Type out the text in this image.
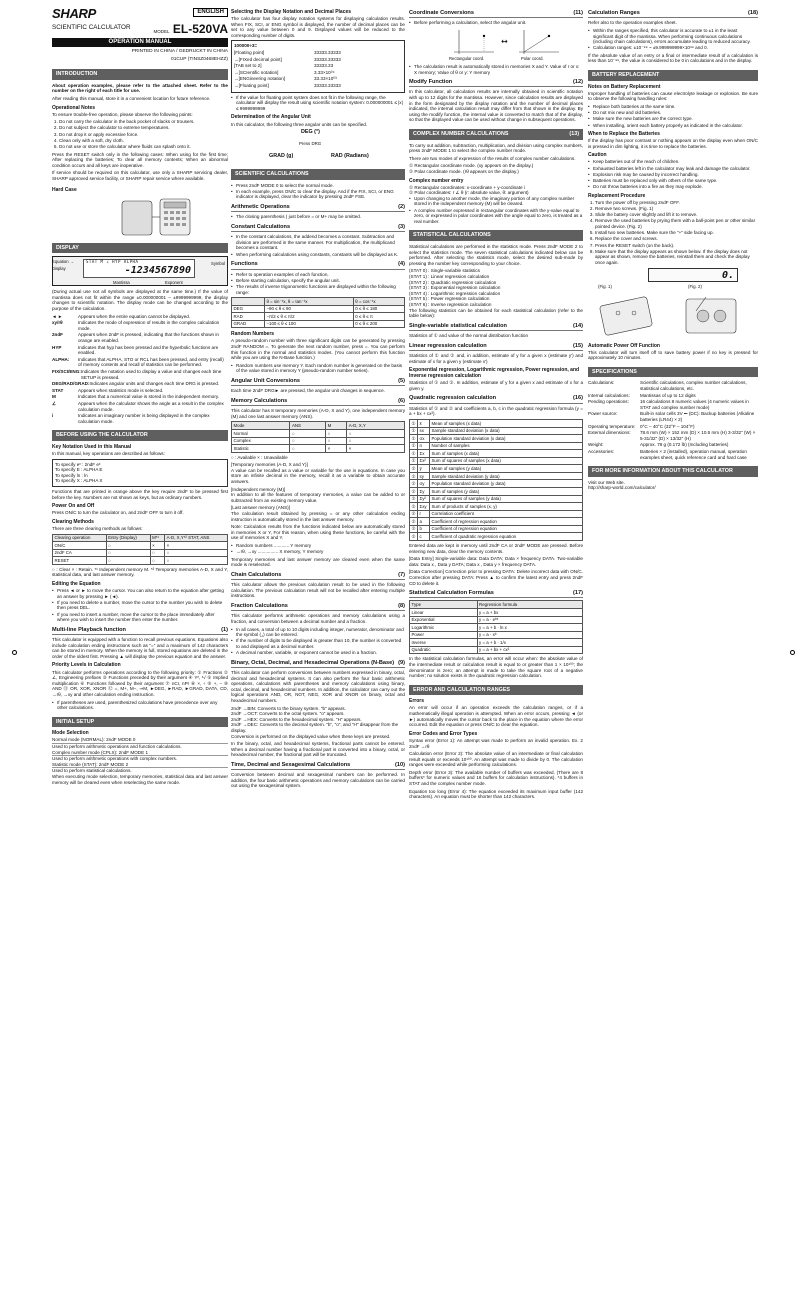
ENGLISH
SHARP
SCIENTIFIC CALCULATOR
MODEL EL-520VA
OPERATION MANUAL
PRINTED IN CHINA / GEDRUCKT IN CHINA
01CUP (TINSZ0468EHZZ)
INTRODUCTION

About operation examples, please refer to the attached sheet. Refer to the number on the right of each title for use.

After reading this manual, store it in a convenient location for future reference.

Operational Notes

To ensure trouble-free operation, please observe the following points:

1. Do not carry the calculator in the back pocket of slacks or trousers.
2. Do not subject the calculator to extreme temperatures.
3. Do not drop it or apply excessive force.
4. Clean only with a soft, dry cloth.
5. Do not use or store the calculator where fluids can splash onto it.

Press the RESET switch only in the following cases: When using for the first time; After replacing the batteries; To clear all memory contents; When an abnormal condition occurs and all keys are inoperative.

If service should be required on this calculator, use only a SHARP servicing dealer, SHARP approved service facility, or SHARP repair service where available.

Hard Case
DISPLAY
Equation →
Display
Symbol
STAT M ∠ HYP ALPHA
-1234567890
Mantissa	Exponent

(During actual use not all symbols are displayed at the same time.) If the value of mantissa does not fit within the range ±0.000000001 – ±9999999999, the display changes to scientific notation. The display mode can be changed according to the purpose of the calculation.

◄ ►	Appears when the entire equation cannot be displayed.
xy/rθ	Indicates the mode of expression of results in the complex calculation mode.
2ndF	Appears when 2ndF is pressed, indicating that the functions shown in orange are enabled.
HYP	Indicates that hyp has been pressed and the hyperbolic functions are enabled.
ALPHA:	Indicates that ALPHA, STO or RCL has been pressed, and entry (recall) of memory contents and recall of statistics can be performed.
FIX/SCI/ENG: Indicates the notation used to display a value and changes each time SETUP is pressed.
DEG/RAD/GRAD: Indicates angular units and changes each time DRG is pressed.
STAT	Appears when statistics mode is selected.
M	Indicates that a numerical value is stored in the independent memory.
∠	Appears when the calculator shows the angle as a result in the complex calculation mode.
i	Indicates an imaginary number is being displayed in the complex calculation mode.
BEFORE USING THE CALCULATOR
Key Notation Used in this Manual

In this manual, key operations are described as follows:

To specify eˣ : 2ndF eˣ
To specify E : ALPHA E
To specify ln : ln
To specify X : ALPHA X

Functions that are printed in orange above the key require 2ndF to be pressed first before the key. Numbers are not shown as keys, but as ordinary numbers.

Power On and Off

Press ON/C to turn the calculator on, and 2ndF OFF to turn it off.

Clearing Methods

There are three clearing methods as follows:

Clearing operation	Entry (Display)	M*¹	A-D, X,Y*² STAT, ANS
ON/C	○	×	×
2ndF CA	○	○	○
RESET	○	○	○

○ : Clear × : Retain. *¹ Independent memory M. *² Temporary memories A-D, X and Y, statistical data, and last answer memory.

Editing the Equation
• Press ◄ or ► to move the cursor. You can also return to the equation after getting an answer by pressing ► (◄).
• If you need to delete a number, move the cursor to the number you wish to delete then press DEL.
• If you need to insert a number, move the cursor to the place immediately after where you wish to insert the number then enter the number.
Multi-line Playback function	(1)

This calculator is equipped with a function to recall previous equations. Equations also include calculation ending instructions such as "=" and a maximum of 142 characters can be stored in memory. When the memory is full, stored equations are deleted in the order of the oldest first. Pressing ▲ will display the previous equation and the answer.

Priority Levels in Calculation

This calculator performs operations according to the following priority: ① Fractions ② ∠, Engineering prefixes ③ Functions preceded by their argument ④ Yˣ, ˣ√ ⑤ Implied multiplication ⑥ Functions followed by their argument ⑦ nCr, nPr ⑧ ×, ÷ ⑨ +, − ⑩ AND ⑪ OR, XOR, XNOR ⑫ =, M+, M−, ⇒M, ►DEG, ►RAD, ►GRAD, DATA, CD, →rθ, →xy and other calculation ending instruction.

• If parentheses are used, parenthesized calculations have precedence over any other calculations.
INITIAL SETUP
Mode Selection
Normal mode (NORMAL): 2ndF MODE 0
Used to perform arithmetic operations and function calculations.
Complex number mode (CPLX): 2ndF MODE 1
Used to perform arithmetic operations with complex numbers.
Statistic mode (STAT): 2ndF MODE 2
Used to perform statistical calculations.

When executing mode selection, temporary memories, statistical data and last answer memory will be cleared even when reselecting the same mode.

Selecting the Display Notation and Decimal Places

The calculator has four display notation systems for displaying calculation results. When FIX, SCI, or ENG symbol is displayed, the number of decimal places can be set to any value between 0 and 9. Displayed values will be reduced to the corresponding number of digits.

100000÷3=
[Floating point]	33333.33333
→[FIXed decimal point]	33333.33333
[TAB set to 2]	33333.33
→[SCIentific notation]	3.33×10⁰⁴
→[ENGineering notation]	33.33×10⁰³
→[Floating point]	33333.33333
• If the value for floating point system does not fit in the following range, the calculator will display the result using scientific notation system: 0.000000001 ≤ |x| ≤ 9999999999
Determination of the Angular Unit

In this calculator, the following three angular units can be specified.

DEG (°)
Press DRG
GRAD (g)	RAD (Radians)
SCIENTIFIC CALCULATIONS
• Press 2ndF MODE 0 to select the normal mode.
• In each example, press ON/C to clear the display. And if the FIX, SCI, or ENG indicator is displayed, clear the indicator by pressing 2ndF FSE.
Arithmetic Operations	(2)
• The closing parenthesis ) just before = or M+ may be omitted.
Constant Calculations	(3)
• In the constant calculations, the addend becomes a constant. Subtraction and division are performed in the same manner. For multiplication, the multiplicand becomes a constant.
• When performing calculations using constants, constants will be displayed as K.
Functions	(4)
• Refer to operation examples of each function.
• Before starting calculation, specify the angular unit.
• The results of inverse trigonometric functions are displayed within the following range:
	θ = sin⁻¹x, θ = tan⁻¹x	θ = cos⁻¹x
DEG	−90 ≤ θ ≤ 90	0 ≤ θ ≤ 180
RAD	−π/2 ≤ θ ≤ π/2	0 ≤ θ ≤ π
GRAD	−100 ≤ θ ≤ 100	0 ≤ θ ≤ 200
Random Numbers

A pseudo-random number with three significant digits can be generated by pressing 2ndF RANDOM =. To generate the next random number, press =. You can perform this function in the normal and statistics modes. (You cannot perform this function while you are using the N-Base function.)

• Random numbers use memory Y. Each random number is generated on the basis of the value stored in memory Y (pseudo-random number series).
Angular Unit Conversions	(5)

Each time 2ndF DRG► are pressed, the angular unit changes in sequence.

Memory Calculations	(6)

This calculator has 8 temporary memories (A-D, X and Y), one independent memory (M) and one last answer memory (ANS).

Mode	ANS	M	A-D, X,Y
Normal	○	○	○
Complex	○	○	○
Statistic	○	×	×

○ : Available × : Unavailable

[Temporary memories (A-D, X and Y)]

A value can be recalled as a value or variable for the use in equations. In case you store an infinite decimal in the memory, recall it as a variable to obtain accurate answers.

[Independent memory (M)]

In addition to all the features of temporary memories, a value can be added to or subtracted from an existing memory value.

[Last answer memory (ANS)]

The calculation result obtained by pressing = or any other calculation ending instruction is automatically stored in the last answer memory.

Note: Calculation results from the functions indicated below are automatically stored in memories X or Y, For this reason, when using these functions, be careful with the use of memories X and Y.

• Random numbers ............ Y memory
• →rθ, →xy ................ X memory, Y memory

Temporary memories and last answer memory are cleared even when the same mode is reselected.

Chain Calculations	(7)

This calculator allows the previous calculation result to be used in the following calculation. The previous calculation result will not be recalled after entering multiple instructions.

Fraction Calculations	(8)

This calculator performs arithmetic operations and memory calculations using a fraction, and conversion between a decimal number and a fraction.

• In all cases, a total of up to 10 digits including integer, numerator, denominator and the symbol (⌟) can be entered.
• If the number of digits to be displayed is greater than 10, the number is converted to and displayed as a decimal number.
• A decimal number, variable, or exponent cannot be used in a fraction.
Binary, Octal, Decimal, and Hexadecimal Operations (N-Base) (9)

This calculator can perform conversions between numbers expressed in binary, octal, decimal and hexadecimal systems. It can also perform the four basic arithmetic operations, calculations with parentheses and memory calculations using binary, octal, decimal, and hexadecimal numbers. In addition, the calculator can carry out the logical operations AND, OR, NOT, NEG, XOR and XNOR on binary, octal and hexadecimal numbers.

2ndF →BIN: Converts to the binary system. "b" appears.
2ndF →OCT: Converts to the octal system. "o" appears.
2ndF →HEX: Converts to the hexadecimal system. "H" appears.
2ndF →DEC: Converts to the decimal system. "b", "o", and "H" disappear from the display.

Conversion is performed on the displayed value when these keys are pressed.

In the binary, octal, and hexadecimal systems, fractional parts cannot be entered. When a decimal number having a fractional part is converted into a binary, octal, or hexadecimal number, the fractional part will be truncated.

Time, Decimal and Sexagesimal Calculations	(10)

Conversion between decimal and sexagesimal numbers can be performed. In addition, the four basic arithmetic operations and memory calculations can be carried out using the sexagesimal system.

Coordinate Conversions	(11)
• Before performing a calculation, select the angular unit.
↔
Rectangular coord.	Polar coord.
• The calculation result is automatically stored in memories X and Y. Value of r or x: X memory; Value of θ or y: Y memory
Modify Function	(12)

In this calculator, all calculation results are internally obtained in scientific notation with up to 12 digits for the mantissa. However, since calculation results are displayed in the form designated by the display notation and the number of decimal places indicated, the internal calculation result may differ from that shown in the display. By using the modify function, the internal value is converted to match that of the display, so that the displayed value can be used without change in subsequent operations.

COMPLEX NUMBER CALCULATIONS	(13)

To carry out addition, subtraction, multiplication, and division using complex numbers, press 2ndF MODE 1 to select the complex number mode.

There are two modes of expression of the results of complex number calculations.

① Rectangular coordinate mode. (xy appears on the display.)
② Polar coordinate mode. (rθ appears on the display.)
Complex number entry
① Rectangular coordinates: x-coordinate + y-coordinate i
② Polar coordinates: r ∠ θ (r: absolute value, θ: argument)
• Upon changing to another mode, the imaginary portion of any complex number stored in the independent memory (M) will be cleared.
• A complex number expressed in rectangular coordinates with the y-value equal to zero, or expressed in polar coordinates with the angle equal to zero, is treated as a real number.
STATISTICAL CALCULATIONS

Statistical calculations are performed in the statistics mode. Press 2ndF MODE 2 to select the statistics mode. The seven statistical calculations indicated below can be performed. After selecting the statistics mode, select the desired sub-mode by pressing the number key corresponding to your choice.

(STAT 0) : Single-variable statistics
(STAT 1) : Linear regression calculation
(STAT 2) : Quadratic regression calculation
(STAT 3) : Exponential regression calculation
(STAT 4) : Logarithmic regression calculation
(STAT 5) : Power regression calculation
(STAT 6) : Inverse regression calculation

The following statistics can be obtained for each statistical calculation (refer to the table below):

Single-variable statistical calculation	(14)

Statistics of ① and value of the normal distribution function

Linear regression calculation	(15)

Statistics of ① and ② and, in addition, estimate of y for a given x (estimate y') and estimate of x for a given y (estimate x')

Exponential regression, Logarithmic regression, Power regression, and Inverse regression calculation

Statistics of ① and ②. In addition, estimate of y for a given x and estimate of x for a given y.

Quadratic regression calculation	(16)

Statistics of ① and ② and coefficients a, b, c in the quadratic regression formula (y = a + bx + cx²).

①	x̄	Mean of samples (x data)
①	sx	Sample standard deviation (x data)
①	σx	Population standard deviation (x data)
①	n	Number of samples
①	Σx	Sum of samples (x data)
①	Σx²	Sum of squares of samples (x data)
②	ȳ	Mean of samples (y data)
②	sy	Sample standard deviation (y data)
②	σy	Population standard deviation (y data)
②	Σy	Sum of samples (y data)
②	Σy²	Sum of squares of samples (y data)
②	Σxy	Sum of products of samples (x, y)
②	r	Correlation coefficient
②	a	Coefficient of regression equation
②	b	Coefficient of regression equation
②	c	Coefficient of quadratic regression equation

Entered data are kept in memory until 2ndF CA or 2ndF MODE are pressed. Before entering new data, clear the memory contents.

[Data Entry] Single-variable data: Data DATA; Data × frequency DATA. Two-variable data: Data x , Data y DATA; Data x , Data y × frequency DATA.

[Data Correction] Correction prior to pressing DATA: Delete incorrect data with ON/C. Correction after pressing DATA: Press ▲ to confirm the latest entry and press 2ndF CD to delete it.

Statistical Calculation Formulas	(17)
Type	Regression formula
Linear	y = a + bx
Exponential	y = a · eᵇˣ
Logarithmic	y = a + b · ln x
Power	y = a · xᵇ
Inverse	y = a + b · 1/x
Quadratic	y = a + bx + cx²

In the statistical calculation formulas, an error will occur when: the absolute value of the intermediate result or calculation result is equal to or greater than 1 × 10¹⁰⁰; the denominator is zero; an attempt is made to take the square root of a negative number; no solution exists in the quadratic regression calculation.

ERROR AND CALCULATION RANGES
Errors

An error will occur if an operation exceeds the calculation ranges, or if a mathematically illegal operation is attempted. When an error occurs, pressing ◄ (or ►) automatically moves the cursor back to the place in the equation where the error occurred. Edit the equation or press ON/C to clear the equation.

Error Codes and Error Types

Syntax error (Error 1): An attempt was made to perform an invalid operation. Ex. 2 2ndF →rθ

Calculation error (Error 2): The absolute value of an intermediate or final calculation result equals or exceeds 10¹⁰⁰. An attempt was made to divide by 0. The calculation ranges were exceeded while performing calculations.

Depth error (Error 3): The available number of buffers was exceeded. (There are 8 buffers* for numeric values and 16 buffers for calculation instructions). *4 buffers in STAT and the complex number mode.

Equation too long (Error 4): The equation exceeded its maximum input buffer (142 characters). An equation must be shorter than 142 characters.

Calculation Ranges	(18)

Refer also to the operation examples sheet.

• Within the ranges specified, this calculator is accurate to ±1 in the least significant digit of the mantissa. When performing continuous calculations (including chain calculations), errors accumulate leading to reduced accuracy.
• Calculation ranges: ±10⁻⁹⁹ ~ ±9.999999999×10⁹⁹ and 0.

If the absolute value of an entry or a final or intermediate result of a calculation is less than 10⁻⁹⁹, the value is considered to be 0 in calculations and in the display.

BATTERY REPLACEMENT
Notes on Battery Replacement

Improper handling of batteries can cause electrolyte leakage or explosion. Be sure to observe the following handling rules:

• Replace both batteries at the same time.
• Do not mix new and old batteries.
• Make sure the new batteries are the correct type.
• When installing, orient each battery properly as indicated in the calculator.
When to Replace the Batteries

If the display has poor contrast or nothing appears on the display even when ON/C is pressed in dim lighting, it is time to replace the batteries.

Caution
• Keep batteries out of the reach of children.
• Exhausted batteries left in the calculator may leak and damage the calculator.
• Explosion risk may be caused by incorrect handling.
• Batteries must be replaced only with others of the same type.
• Do not throw batteries into a fire as they may explode.
Replacement Procedure
1. Turn the power off by pressing 2ndF OFF.
2. Remove two screws. (Fig. 1)
3. Slide the battery cover slightly and lift it to remove.
4. Remove the used batteries by prying them with a ball-point pen or other similar pointed device. (Fig. 2)
5. Install two new batteries. Make sure the "+" side facing up.
6. Replace the cover and screws.
7. Press the RESET switch (on the back).
8. Make sure that the display appears as shown below. If the display does not appear as shown, remove the batteries, reinstall them and check the display once again.
0.
(Fig. 1)	(Fig. 2)
Automatic Power Off Function

This calculator will turn itself off to save battery power if no key is pressed for approximately 10 minutes.

SPECIFICATIONS
Calculations:	Scientific calculations, complex number calculations, statistical calculations, etc.
Internal calculations:	Mantissas of up to 12 digits
Pending operations:	16 calculations 8 numeric values (4 numeric values in STAT and complex number mode)
Power source:	Built-in solar cells 3V ⎓ (DC): Backup batteries (Alkaline batteries (LR44) × 2)
Operating temperature: 0°C – 40°C (32°F – 104°F)
External dimensions:	78.6 mm (W) × 152 mm (D) × 10.5 mm (H) 3-3/32" (W) × 5-31/32" (D) × 13/32" (H)
Weight:	Approx. 78 g (0.172 lb) (Including batteries)
Accessories:	Batteries × 2 (installed), operation manual, operation examples sheet, quick reference card and hard case
FOR MORE INFORMATION ABOUT THIS CALCULATOR

Visit our Web site.

http://sharp-world.com/calculator/
